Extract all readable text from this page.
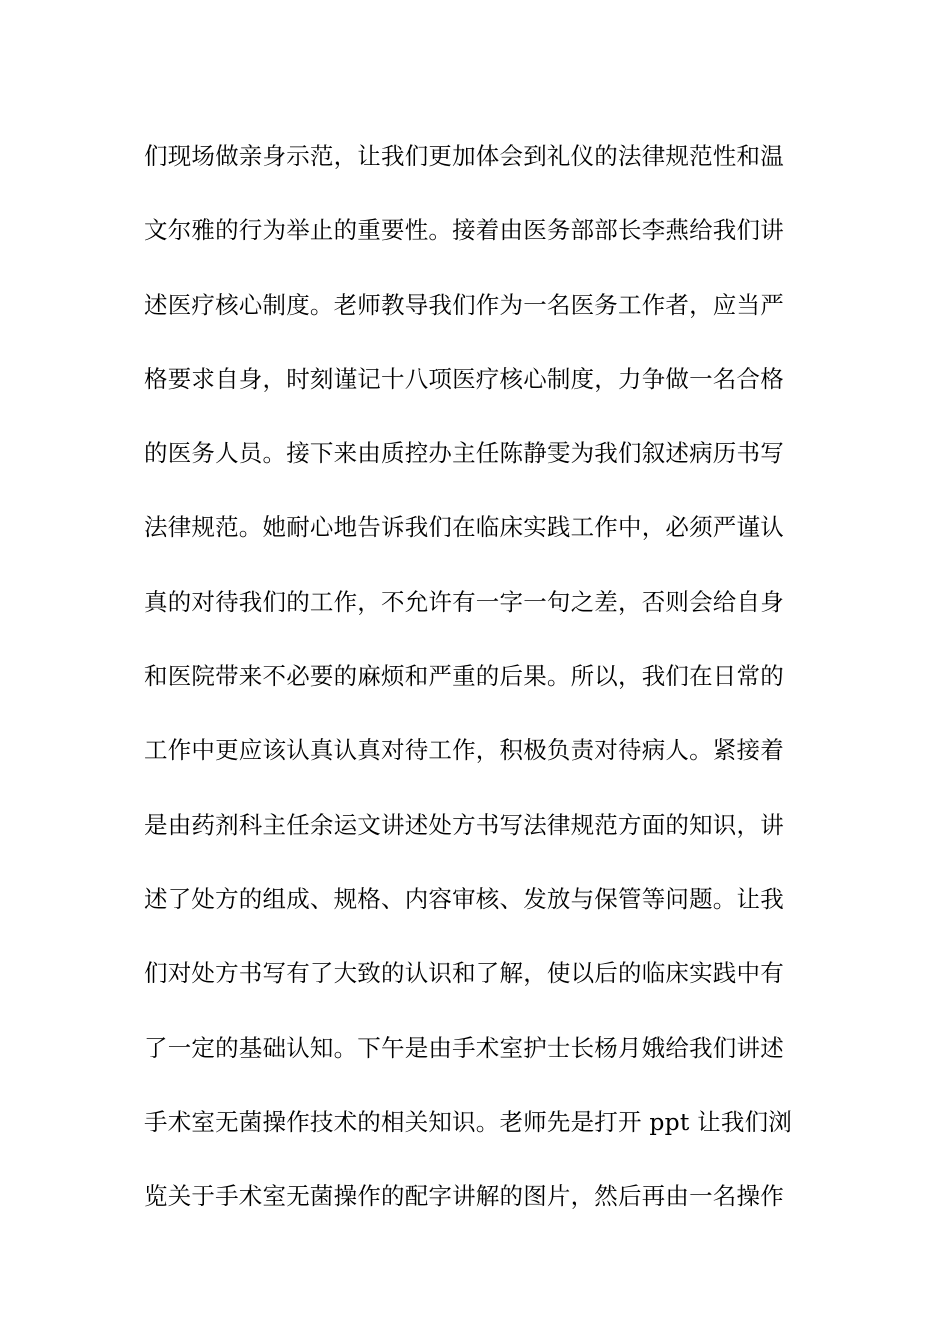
们现场做亲身示范，让我们更加体会到礼仪的法律规范性和温
文尔雅的行为举止的重要性。接着由医务部部长李燕给我们讲
述医疗核心制度。老师教导我们作为一名医务工作者，应当严
格要求自身，时刻谨记十八项医疗核心制度，力争做一名合格
的医务人员。接下来由质控办主任陈静雯为我们叙述病历书写
法律规范。她耐心地告诉我们在临床实践工作中，必须严谨认
真的对待我们的工作，不允许有一字一句之差，否则会给自身
和医院带来不必要的麻烦和严重的后果。所以，我们在日常的
工作中更应该认真认真对待工作，积极负责对待病人。紧接着
是由药剂科主任余运文讲述处方书写法律规范方面的知识，讲
述了处方的组成、规格、内容审核、发放与保管等问题。让我
们对处方书写有了大致的认识和了解，使以后的临床实践中有
了一定的基础认知。下午是由手术室护士长杨月娥给我们讲述
手术室无菌操作技术的相关知识。老师先是打开 ppt 让我们浏
览关于手术室无菌操作的配字讲解的图片，然后再由一名操作
